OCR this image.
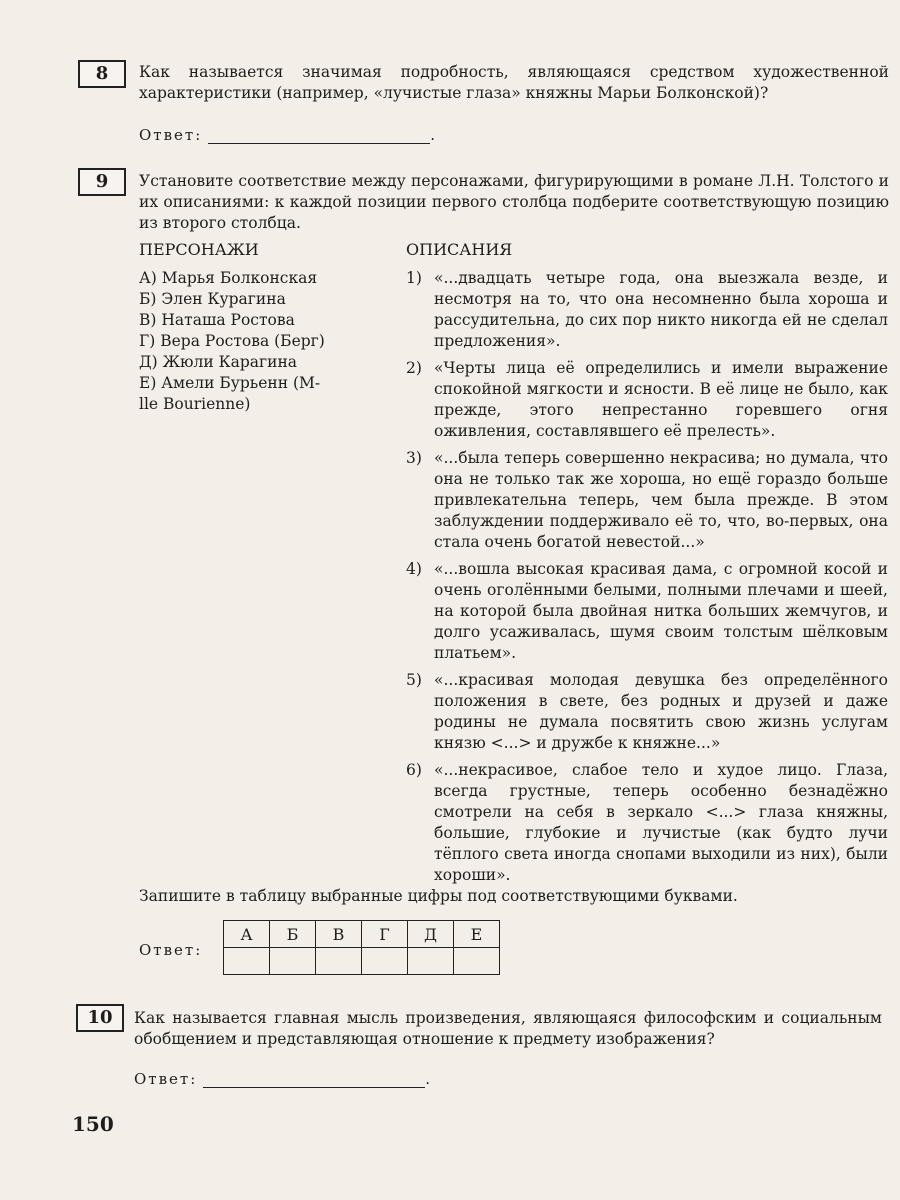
8	Как называется значимая подробность, являющаяся средством художественной характеристики (например, «лучистые глаза» княжны Марьи Болконской)?
Ответ:	.
9	Установите соответствие между персонажами, фигурирующими в романе Л.Н. Толстого и их описаниями: к каждой позиции первого столбца подберите соответствующую позицию из второго столбца.
ПЕРСОНАЖИ	ОПИСАНИЯ
А) Марья Болконская
Б) Элен Курагина
В) Наташа Ростова
Г) Вера Ростова (Берг)
Д) Жюли Карагина
Е) Амели Бурьенн (M-lle Bourienne)
1) «...двадцать четыре года, она выезжала везде, и несмотря на то, что она несомненно была хороша и рассудительна, до сих пор никто никогда ей не сделал предложения».
2) «Черты лица её определились и имели выражение спокойной мягкости и ясности. В её лице не было, как прежде, этого непрестанно горевшего огня оживления, составлявшего её прелесть».
3) «...была теперь совершенно некрасива; но думала, что она не только так же хороша, но ещё гораздо больше привлекательна теперь, чем была прежде. В этом заблуждении поддерживало её то, что, во-первых, она стала очень богатой невестой...»
4) «...вошла высокая красивая дама, с огромной косой и очень оголёнными белыми, полными плечами и шеей, на которой была двойная нитка больших жемчугов, и долго усаживалась, шумя своим толстым шёлковым платьем».
5) «...красивая молодая девушка без определённого положения в свете, без родных и друзей и даже родины не думала посвятить свою жизнь услугам князю <...> и дружбе к княжне...»
6) «...некрасивое, слабое тело и худое лицо. Глаза, всегда грустные, теперь особенно безнадёжно смотрели на себя в зеркало <...> глаза княжны, большие, глубокие и лучистые (как будто лучи тёплого света иногда снопами выходили из них), были хороши».
Запишите в таблицу выбранные цифры под соответствующими буквами.
Ответ:
А	Б	В	Г	Д	Е

10	Как называется главная мысль произведения, являющаяся философским и социальным обобщением и представляющая отношение к предмету изображения?
Ответ:	.
150
